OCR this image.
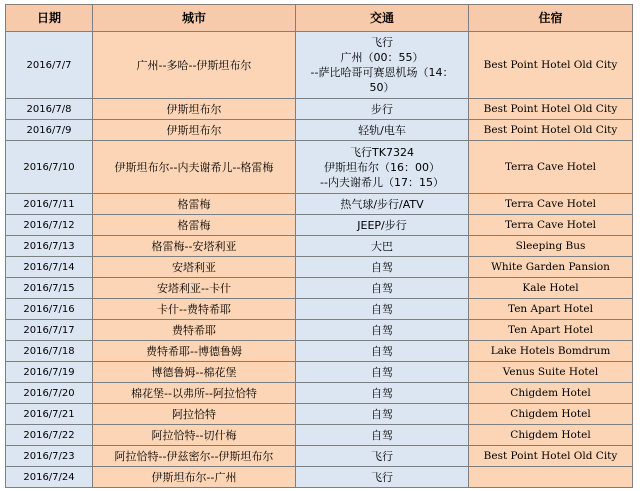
日期	城市	交通	住宿
2016/7/7	广州--多哈--伊斯坦布尔	飞行
广州（00：55）
--萨比哈哥可赛恩机场（14：
50）	Best Point Hotel Old City
2016/7/8	伊斯坦布尔	步行	Best Point Hotel Old City
2016/7/9	伊斯坦布尔	轻轨/电车	Best Point Hotel Old City
2016/7/10	伊斯坦布尔--内夫谢希儿--格雷梅	飞行TK7324
伊斯坦布尔（16：00）
--内夫谢希儿（17：15）	Terra Cave Hotel
2016/7/11	格雷梅	热气球/步行/ATV	Terra Cave Hotel
2016/7/12	格雷梅	JEEP/步行	Terra Cave Hotel
2016/7/13	格雷梅--安塔利亚	大巴	Sleeping Bus
2016/7/14	安塔利亚	自驾	White Garden Pansion
2016/7/15	安塔利亚--卡什	自驾	Kale Hotel
2016/7/16	卡什--费特希耶	自驾	Ten Apart Hotel
2016/7/17	费特希耶	自驾	Ten Apart Hotel
2016/7/18	费特希耶--博德鲁姆	自驾	Lake Hotels Bomdrum
2016/7/19	博德鲁姆--棉花堡	自驾	Venus Suite Hotel
2016/7/20	棉花堡--以弗所--阿拉恰特	自驾	Chigdem Hotel
2016/7/21	阿拉恰特	自驾	Chigdem Hotel
2016/7/22	阿拉恰特--切什梅	自驾	Chigdem Hotel
2016/7/23	阿拉恰特--伊兹密尔--伊斯坦布尔	飞行	Best Point Hotel Old City
2016/7/24	伊斯坦布尔--广州	飞行	
